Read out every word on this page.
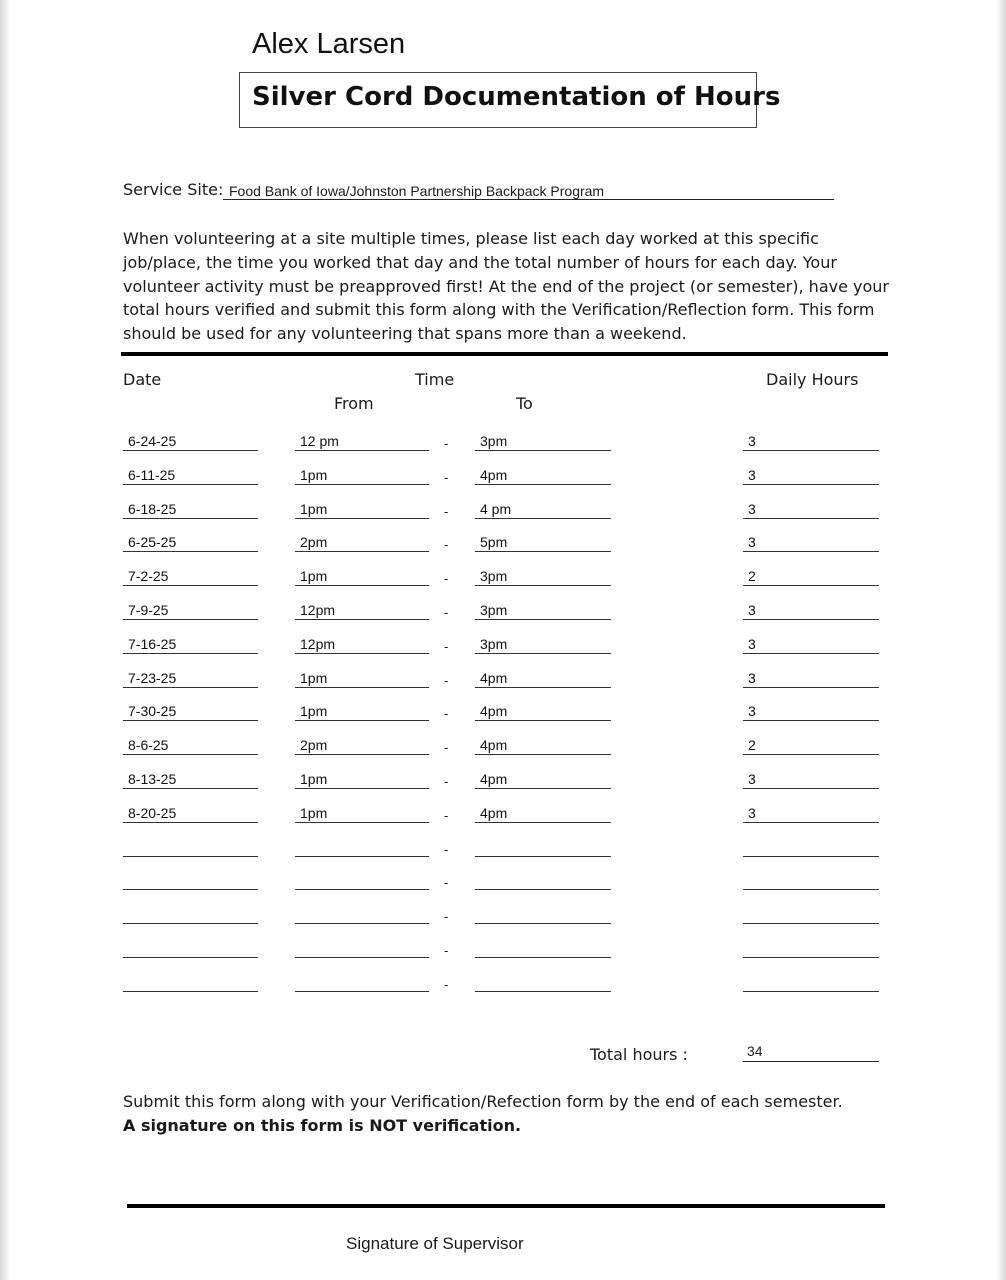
Alex Larsen
Silver Cord Documentation of Hours
Service Site: Food Bank of Iowa/Johnston Partnership Backpack Program
When volunteering at a site multiple times, please list each day worked at this specific job/place, the time you worked that day and the total number of hours for each day. Your volunteer activity must be preapproved first! At the end of the project (or semester), have your total hours verified and submit this form along with the Verification/Reflection form. This form should be used for any volunteering that spans more than a weekend.
Date	Time	Daily Hours
From	To
6-24-25	12 pm	3pm	3
-
6-11-25	1pm	4pm	3
-
6-18-25	1pm	4 pm	3
-
6-25-25	2pm	5pm	3
-
7-2-25	1pm	3pm	2
-
7-9-25	12pm	3pm	3
-
7-16-25	12pm	3pm	3
-
7-23-25	1pm	4pm	3
-
7-30-25	1pm	4pm	3
-
8-6-25	2pm	4pm	2
-
8-13-25	1pm	4pm	3
-
8-20-25	1pm	4pm	3
-
-
-
-
-
-
Total hours :	34
Submit this form along with your Verification/Refection form by the end of each semester.
A signature on this form is NOT verification.
Signature of Supervisor
